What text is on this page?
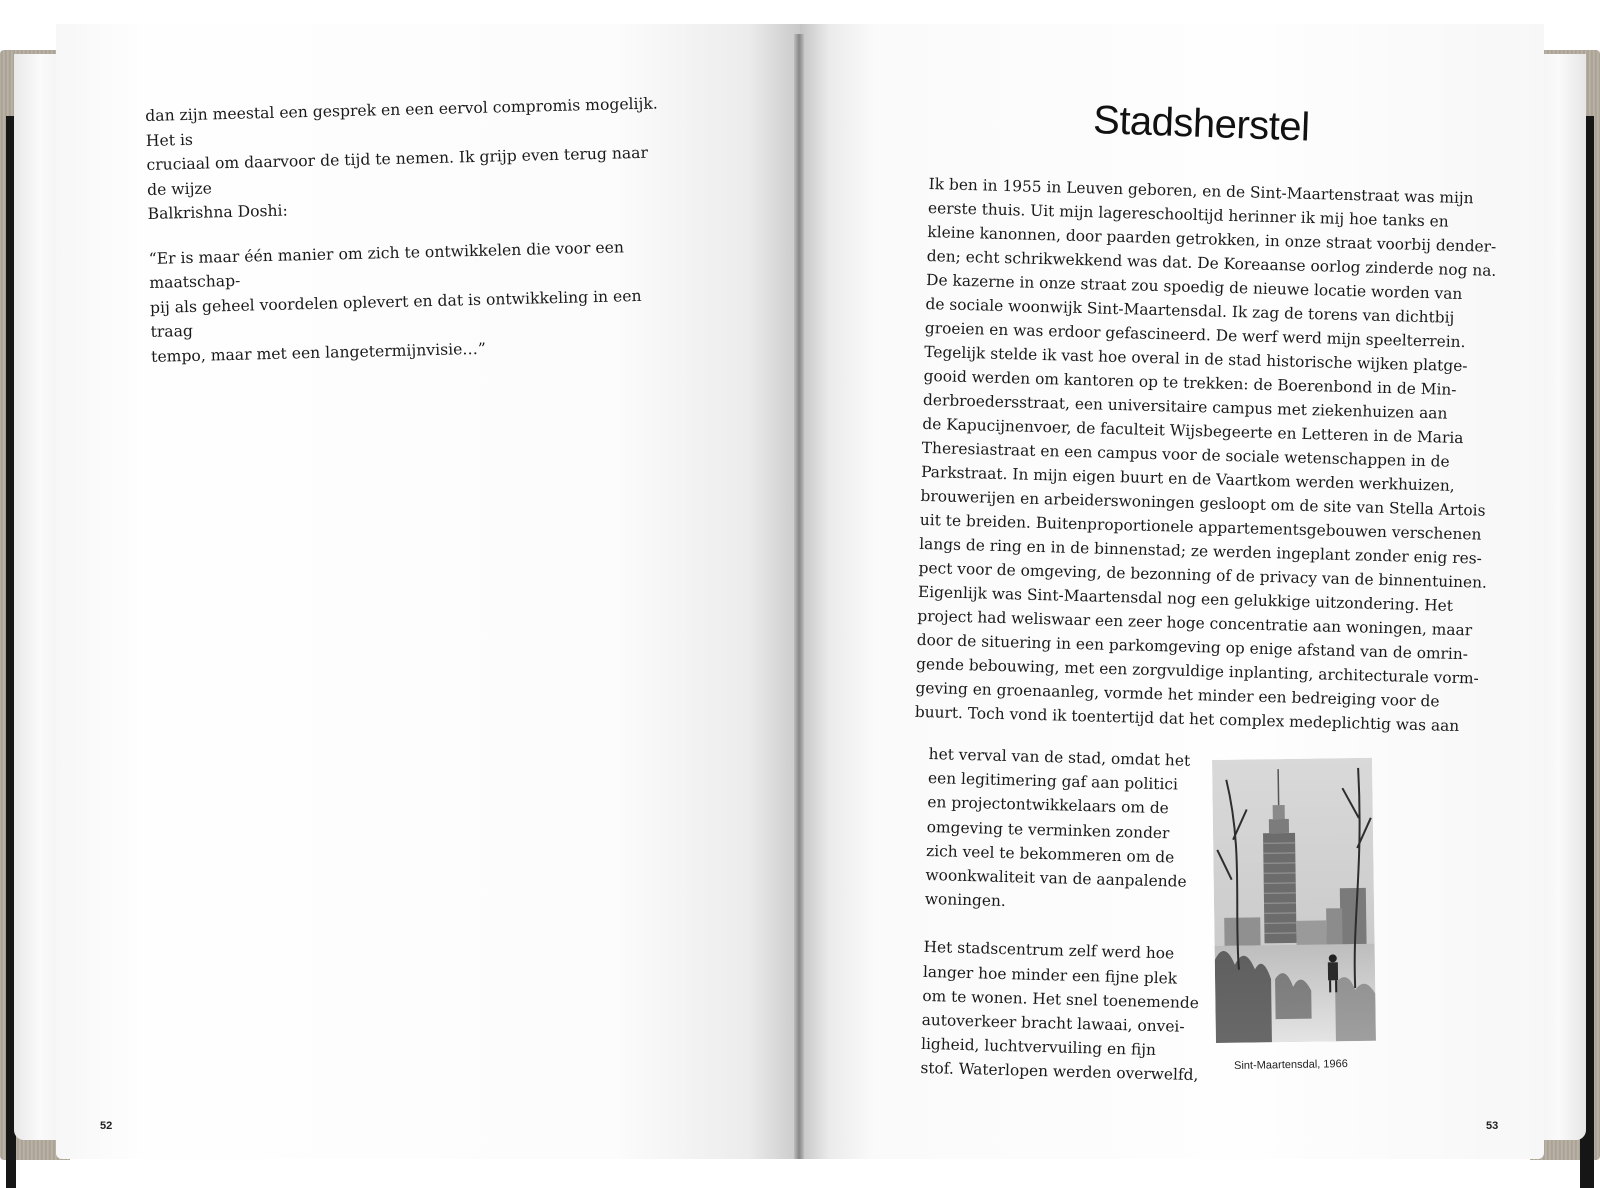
dan zijn meestal een gesprek en een eervol compromis mogelijk. Het is
cruciaal om daarvoor de tijd te nemen. Ik grijp even terug naar de wijze
Balkrishna Doshi:

“Er is maar één manier om zich te ontwikkelen die voor een maatschap-
pij als geheel voordelen oplevert en dat is ontwikkeling in een traag
tempo, maar met een langetermijnvisie…”

52
Stadsherstel
Ik ben in 1955 in Leuven geboren, en de Sint-Maartenstraat was mijn
eerste thuis. Uit mijn lagereschooltijd herinner ik mij hoe tanks en
kleine kanonnen, door paarden getrokken, in onze straat voorbij dender-
den; echt schrikwekkend was dat. De Koreaanse oorlog zinderde nog na.
De kazerne in onze straat zou spoedig de nieuwe locatie worden van
de sociale woonwijk Sint-Maartensdal. Ik zag de torens van dichtbij
groeien en was erdoor gefascineerd. De werf werd mijn speelterrein.
Tegelijk stelde ik vast hoe overal in de stad historische wijken platge-
gooid werden om kantoren op te trekken: de Boerenbond in de Min-
derbroedersstraat, een universitaire campus met ziekenhuizen aan
de Kapucijnenvoer, de faculteit Wijsbegeerte en Letteren in de Maria
Theresiastraat en een campus voor de sociale wetenschappen in de
Parkstraat. In mijn eigen buurt en de Vaartkom werden werkhuizen,
brouwerijen en arbeiderswoningen gesloopt om de site van Stella Artois
uit te breiden. Buitenproportionele appartementsgebouwen verschenen
langs de ring en in de binnenstad; ze werden ingeplant zonder enig res-
pect voor de omgeving, de bezonning of de privacy van de binnentuinen.
Eigenlijk was Sint-Maartensdal nog een gelukkige uitzondering. Het
project had weliswaar een zeer hoge concentratie aan woningen, maar
door de situering in een parkomgeving op enige afstand van de omrin-
gende bebouwing, met een zorgvuldige inplanting, architecturale vorm-
geving en groenaanleg, vormde het minder een bedreiging voor de
buurt. Toch vond ik toentertijd dat het complex medeplichtig was aan
het verval van de stad, omdat het
een legitimering gaf aan politici
en projectontwikkelaars om de
omgeving te verminken zonder
zich veel te bekommeren om de
woonkwaliteit van de aanpalende
woningen.
Het stadscentrum zelf werd hoe
langer hoe minder een fijne plek
om te wonen. Het snel toenemende
autoverkeer bracht lawaai, onvei-
ligheid, luchtvervuiling en fijn
stof. Waterlopen werden overwelfd,	Sint-Maartensdal, 1966
53
